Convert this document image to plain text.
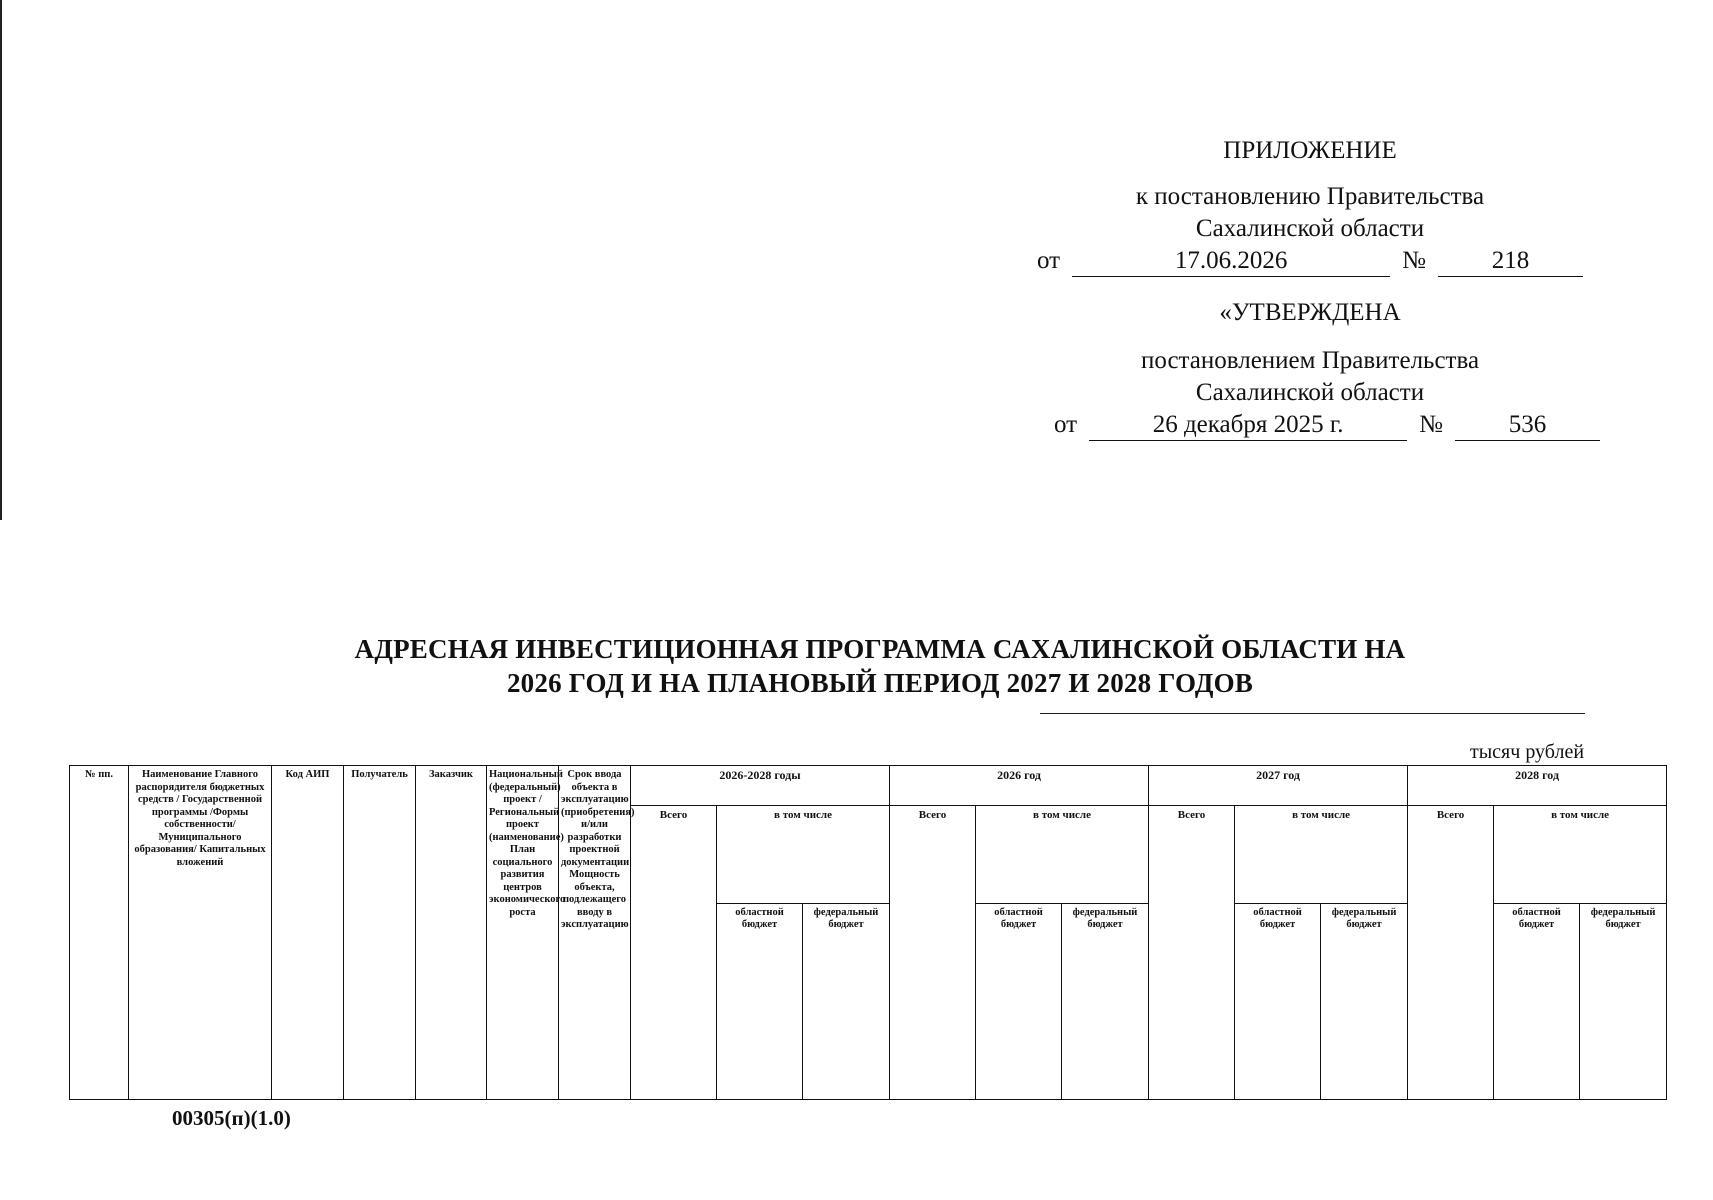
ПРИЛОЖЕНИЕ
к постановлению Правительства
Сахалинской области
от	17.06.2026	№	218
«УТВЕРЖДЕНА
постановлением Правительства
Сахалинской области
от	26 декабря 2025 г.	№	536
АДРЕСНАЯ ИНВЕСТИЦИОННАЯ ПРОГРАММА САХАЛИНСКОЙ ОБЛАСТИ НА
2026 ГОД И НА ПЛАНОВЫЙ ПЕРИОД 2027 И 2028 ГОДОВ
тысяч рублей
№ пп.	Наименование Главного распорядителя бюджетных средств / Государственной программы /Формы собственности/ Муниципального образования/ Капитальных вложений	Код АИП	Получатель	Заказчик	Национальный (федеральный) проект / Региональный проект (наименование) План социального развития центров экономического роста	Срок ввода объекта в эксплуатацию (приобретения) и/или разработки проектной документации Мощность объекта, подлежащего вводу в эксплуатацию	2026-2028 годы			2026 год			2027 год			2028 год		
							Всего	в том числе		Всего	в том числе		Всего	в том числе		Всего	в том числе	
								областной бюджет	федеральный бюджет		областной бюджет	федеральный бюджет		областной бюджет	федеральный бюджет		областной бюджет	федеральный бюджет
00305(п)(1.0)
